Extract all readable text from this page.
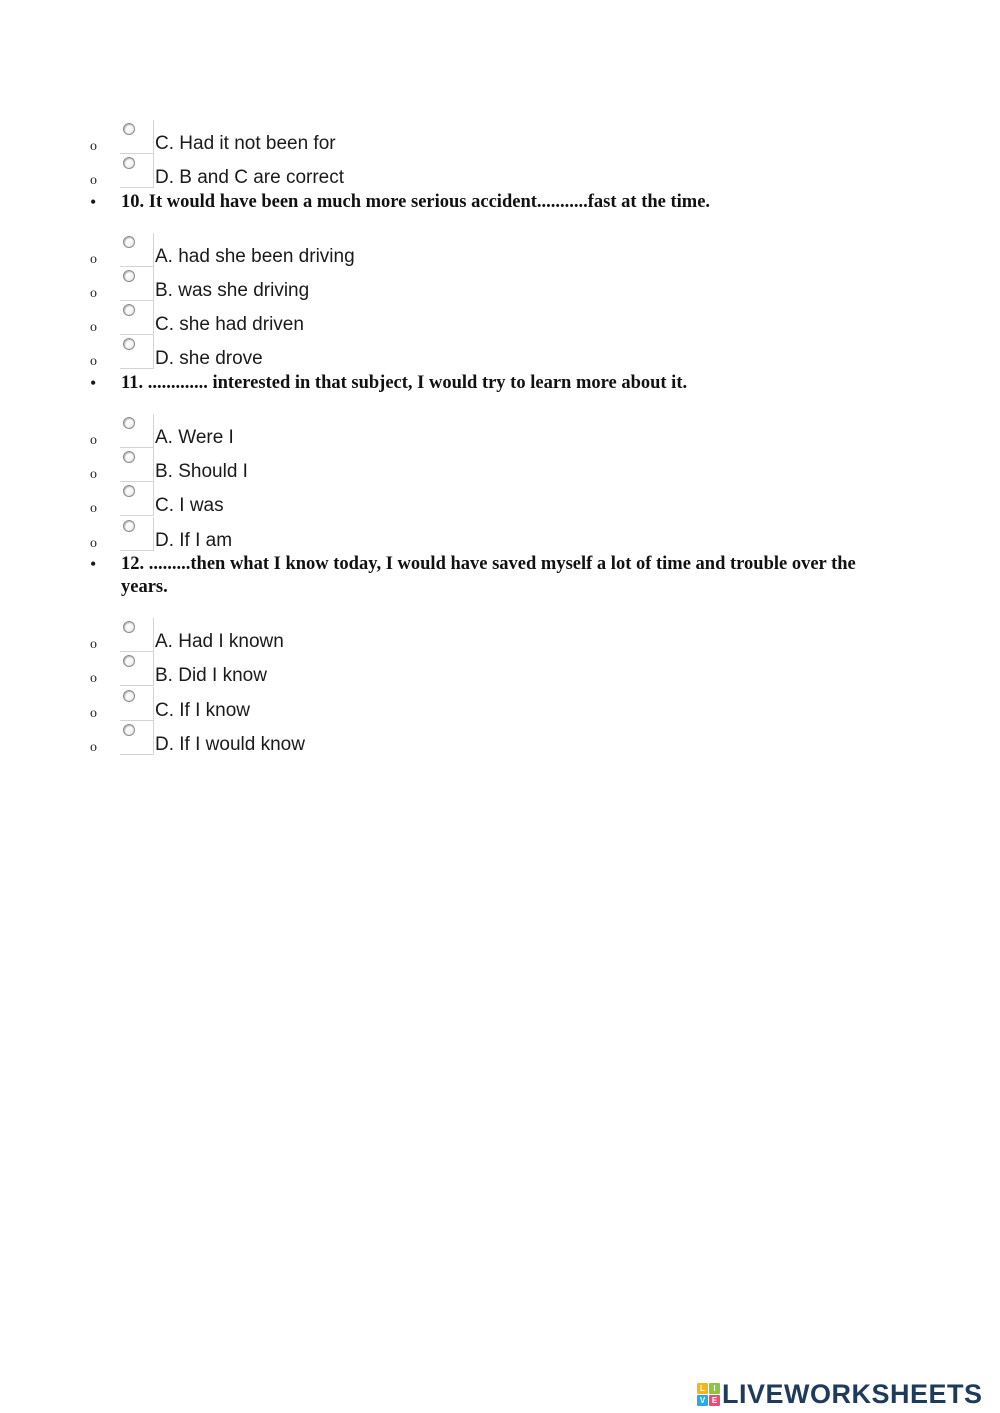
o	C. Had it not been for
o	D. B and C are correct
• 10. It would have been a much more serious accident...........fast at the time.
o	A. had she been driving
o	B. was she driving
o	C. she had driven
o	D. she drove
• 11. ............. interested in that subject, I would try to learn more about it.
o	A. Were I
o	B. Should I
o	C. I was
o	D. If I am
• 12. .........then what I know today, I would have saved myself a lot of time and trouble over the years.
o	A. Had I known
o	B. Did I know
o	C. If I know
o	D. If I would know
L	I
V E LIVEWORKSHEETS
